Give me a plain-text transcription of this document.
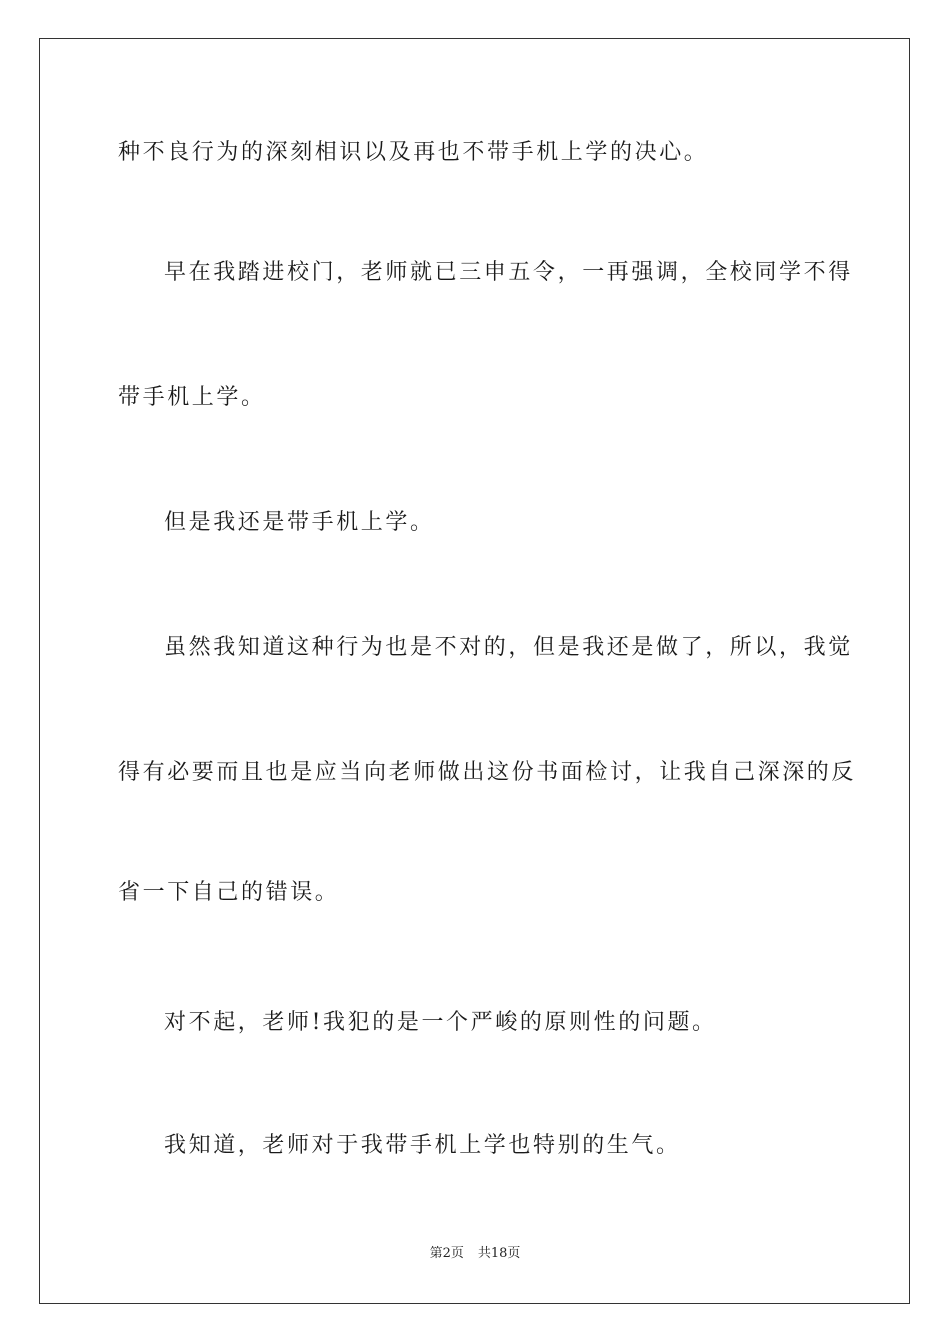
种不良行为的深刻相识以及再也不带手机上学的决心。
早在我踏进校门，老师就已三申五令，一再强调，全校同学不得
带手机上学。
但是我还是带手机上学。
虽然我知道这种行为也是不对的，但是我还是做了，所以，我觉
得有必要而且也是应当向老师做出这份书面检讨，让我自己深深的反
省一下自己的错误。
对不起，老师!我犯的是一个严峻的原则性的问题。
我知道，老师对于我带手机上学也特别的生气。
第2页 共18页
